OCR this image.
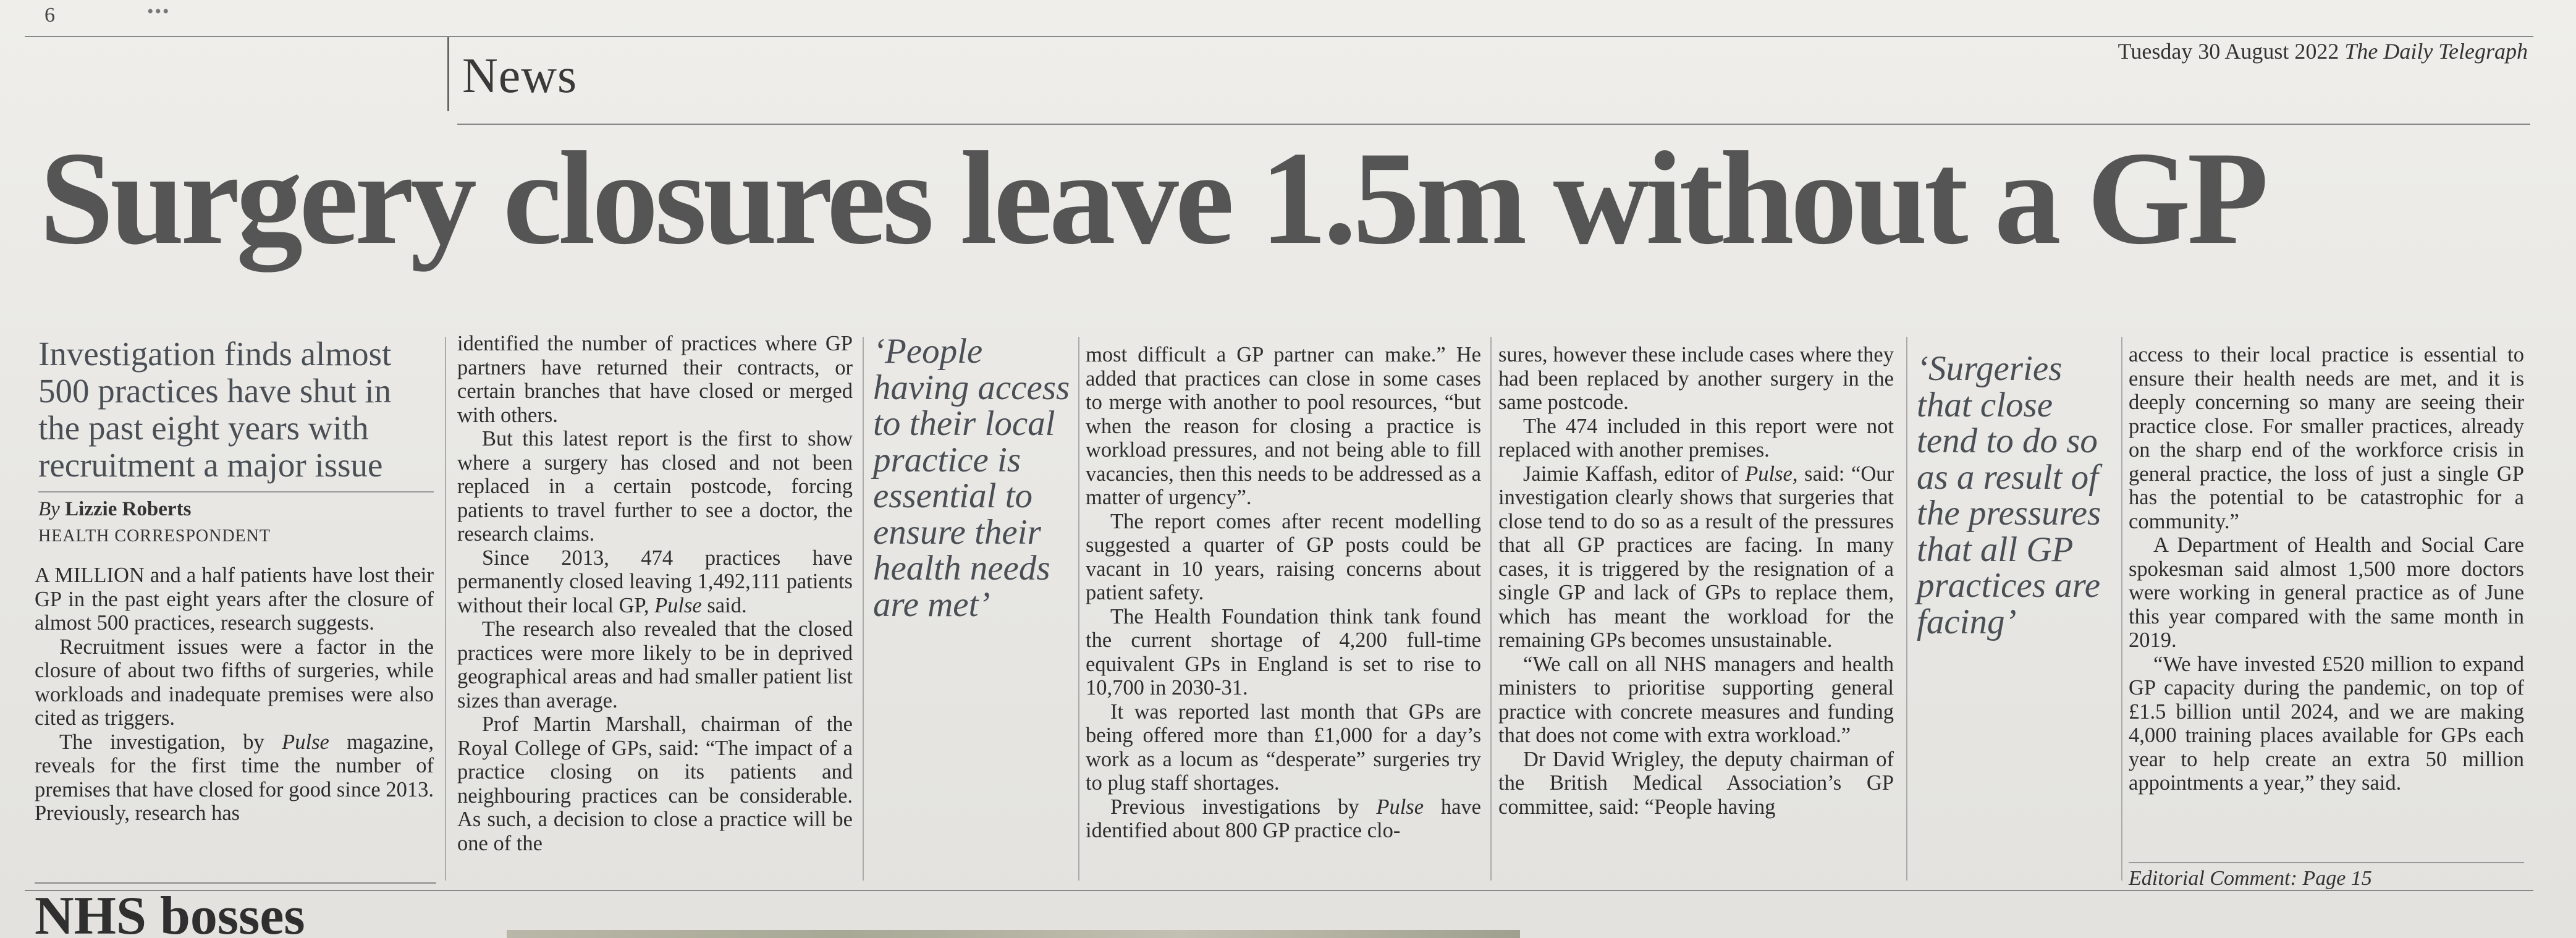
6	•••
Tuesday 30 August 2022 The Daily Telegraph
News

Surgery closures leave 1.5m without a GP
Investigation finds almost 500 practices have shut in the past eight years with recruitment a major issue
By Lizzie Roberts
HEALTH CORRESPONDENT

A MILLION and a half patients have lost their GP in the past eight years after the closure of almost 500 practices, research suggests.

Recruitment issues were a factor in the closure of about two fifths of surgeries, while workloads and inadequate premises were also cited as triggers.

The investigation, by Pulse magazine, reveals for the first time the number of premises that have closed for good since 2013. Previously, research has

identified the number of practices where GP partners have returned their contracts, or certain branches that have closed or merged with others.

But this latest report is the first to show where a surgery has closed and not been replaced in a certain postcode, forcing patients to travel further to see a doctor, the research claims.

Since 2013, 474 practices have permanently closed leaving 1,492,111 patients without their local GP, Pulse said.

The research also revealed that the closed practices were more likely to be in deprived geographical areas and had smaller patient list sizes than average.

Prof Martin Marshall, chairman of the Royal College of GPs, said: “The impact of a practice closing on its patients and neighbouring practices can be considerable. As such, a decision to close a practice will be one of the

‘People having access to their local practice is essential to ensure their health needs are met’

most difficult a GP partner can make.” He added that practices can close in some cases to merge with another to pool resources, “but when the reason for closing a practice is workload pressures, and not being able to fill vacancies, then this needs to be addressed as a matter of urgency”.

The report comes after recent modelling suggested a quarter of GP posts could be vacant in 10 years, raising concerns about patient safety.

The Health Foundation think tank found the current shortage of 4,200 full-time equivalent GPs in England is set to rise to 10,700 in 2030-31.

It was reported last month that GPs are being offered more than £1,000 for a day’s work as a locum as “desperate” surgeries try to plug staff shortages.

Previous investigations by Pulse have identified about 800 GP practice clo-

sures, however these include cases where they had been replaced by another surgery in the same postcode.

The 474 included in this report were not replaced with another premises.

Jaimie Kaffash, editor of Pulse, said: “Our investigation clearly shows that surgeries that close tend to do so as a result of the pressures that all GP practices are facing. In many cases, it is triggered by the resignation of a single GP and lack of GPs to replace them, which has meant the workload for the remaining GPs becomes unsustainable.

“We call on all NHS managers and health ministers to prioritise supporting general practice with concrete measures and funding that does not come with extra workload.”

Dr David Wrigley, the deputy chairman of the British Medical Association’s GP committee, said: “People having

‘Surgeries that close tend to do so as a result of the pressures that all GP practices are facing’

access to their local practice is essential to ensure their health needs are met, and it is deeply concerning so many are seeing their practice close. For smaller practices, already on the sharp end of the workforce crisis in general practice, the loss of just a single GP has the potential to be catastrophic for a community.”

A Department of Health and Social Care spokesman said almost 1,500 more doctors were working in general practice as of June this year compared with the same month in 2019.

“We have invested £520 million to expand GP capacity during the pandemic, on top of £1.5 billion until 2024, and we are making 4,000 training places available for GPs each year to help create an extra 50 million appointments a year,” they said.

Editorial Comment: Page 15
NHS bosses
